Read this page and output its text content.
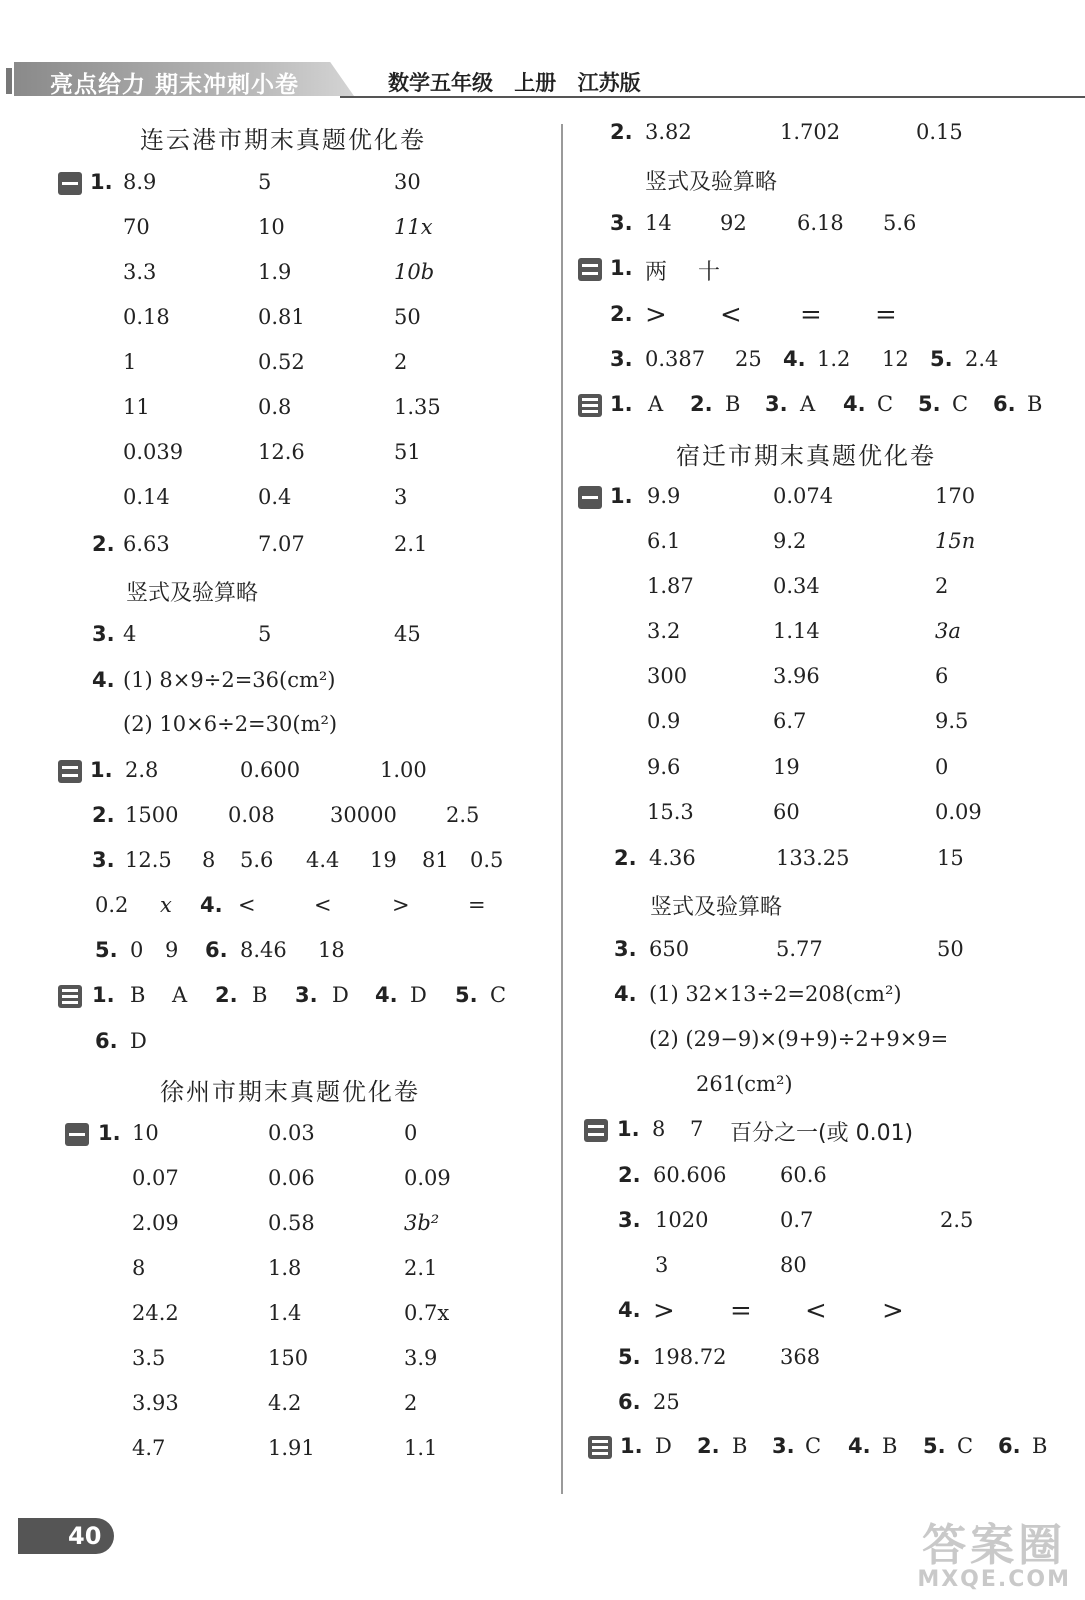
亮点给力 期末冲刺小卷	数学五年级 上册 江苏版
连云港市期末真题优化卷
1. 8.9	5	30
70	10	11x
3.3	1.9	10b
0.18	0.81	50
1	0.52	2
11	0.8	1.35
0.039	12.6	51
0.14	0.4	3
2. 6.63	7.07	2.1
竖式及验算略
3. 4	5	45
4. (1) 8×9÷2=36(cm²)
(2) 10×6÷2=30(m²)
1. 2.8	0.600	1.00
2. 1500 0.08	30000 2.5
3. 12.5 8 5.6 4.4 19 81 0.5
0.2 x 4. <	<	>	=
5. 0 9 6. 8.46 18
1. B A 2. B 3. D 4. D 5. C
6. D
徐州市期末真题优化卷
1. 10	0.03	0
0.07	0.06	0.09
2.09	0.58	3b²
8	1.8	2.1
24.2	1.4	0.7x
3.5	150	3.9
3.93	4.2	2
4.7	1.91	1.1
2. 3.82	1.702	0.15
竖式及验算略
3. 14 92 6.18 5.6
1. 两 十
2. > < = =
3. 0.387 25 4. 1.2 12 5. 2.4
1. A 2. B 3. A 4. C 5. C 6. B
宿迁市期末真题优化卷
1. 9.9	0.074	170
6.1	9.2	15n
1.87	0.34	2
3.2	1.14	3a
300	3.96	6
0.9	6.7	9.5
9.6	19	0
15.3	60	0.09
2. 4.36	133.25	15
竖式及验算略
3. 650	5.77	50
4. (1) 32×13÷2=208(cm²)
(2) (29−9)×(9+9)÷2+9×9=
261(cm²)
1. 8 7 百分之一(或 0.01)
2. 60.606	60.6
3. 1020	0.7	2.5
3	80
4. > = < >
5. 198.72	368
6. 25
1. D 2. B 3. C 4. B 5. C 6. B
40	答案圈
MXQE.COM
